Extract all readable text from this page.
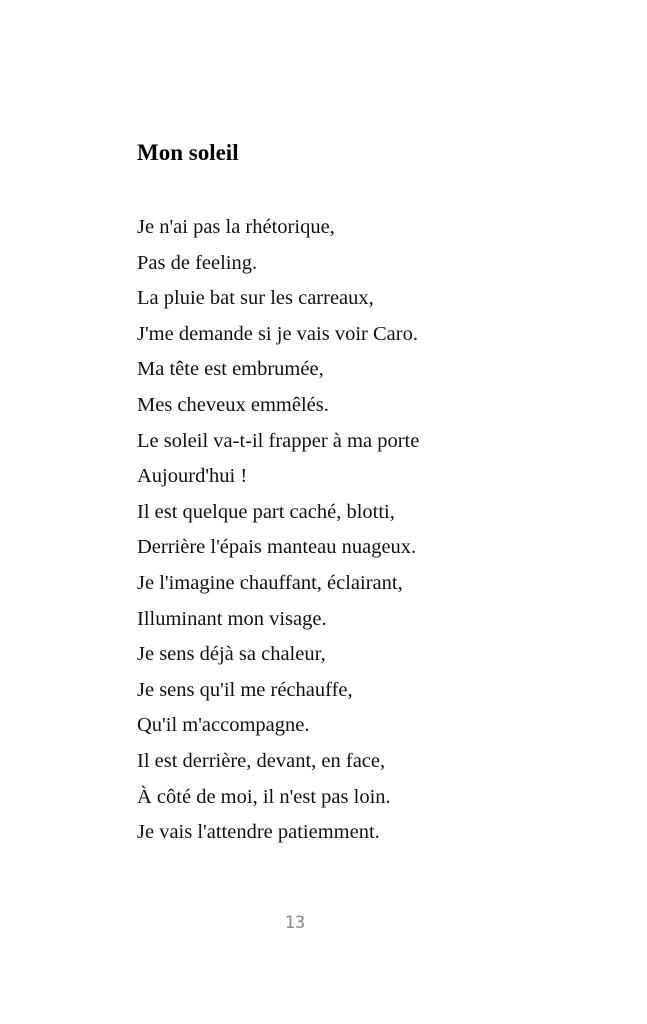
Mon soleil
Je n'ai pas la rhétorique,
Pas de feeling.
La pluie bat sur les carreaux,
J'me demande si je vais voir Caro.
Ma tête est embrumée,
Mes cheveux emmêlés.
Le soleil va-t-il frapper à ma porte
Aujourd'hui !
Il est quelque part caché, blotti,
Derrière l'épais manteau nuageux.
Je l'imagine chauffant, éclairant,
Illuminant mon visage.
Je sens déjà sa chaleur,
Je sens qu'il me réchauffe,
Qu'il m'accompagne.
Il est derrière, devant, en face,
À côté de moi, il n'est pas loin.
Je vais l'attendre patiemment.
13
